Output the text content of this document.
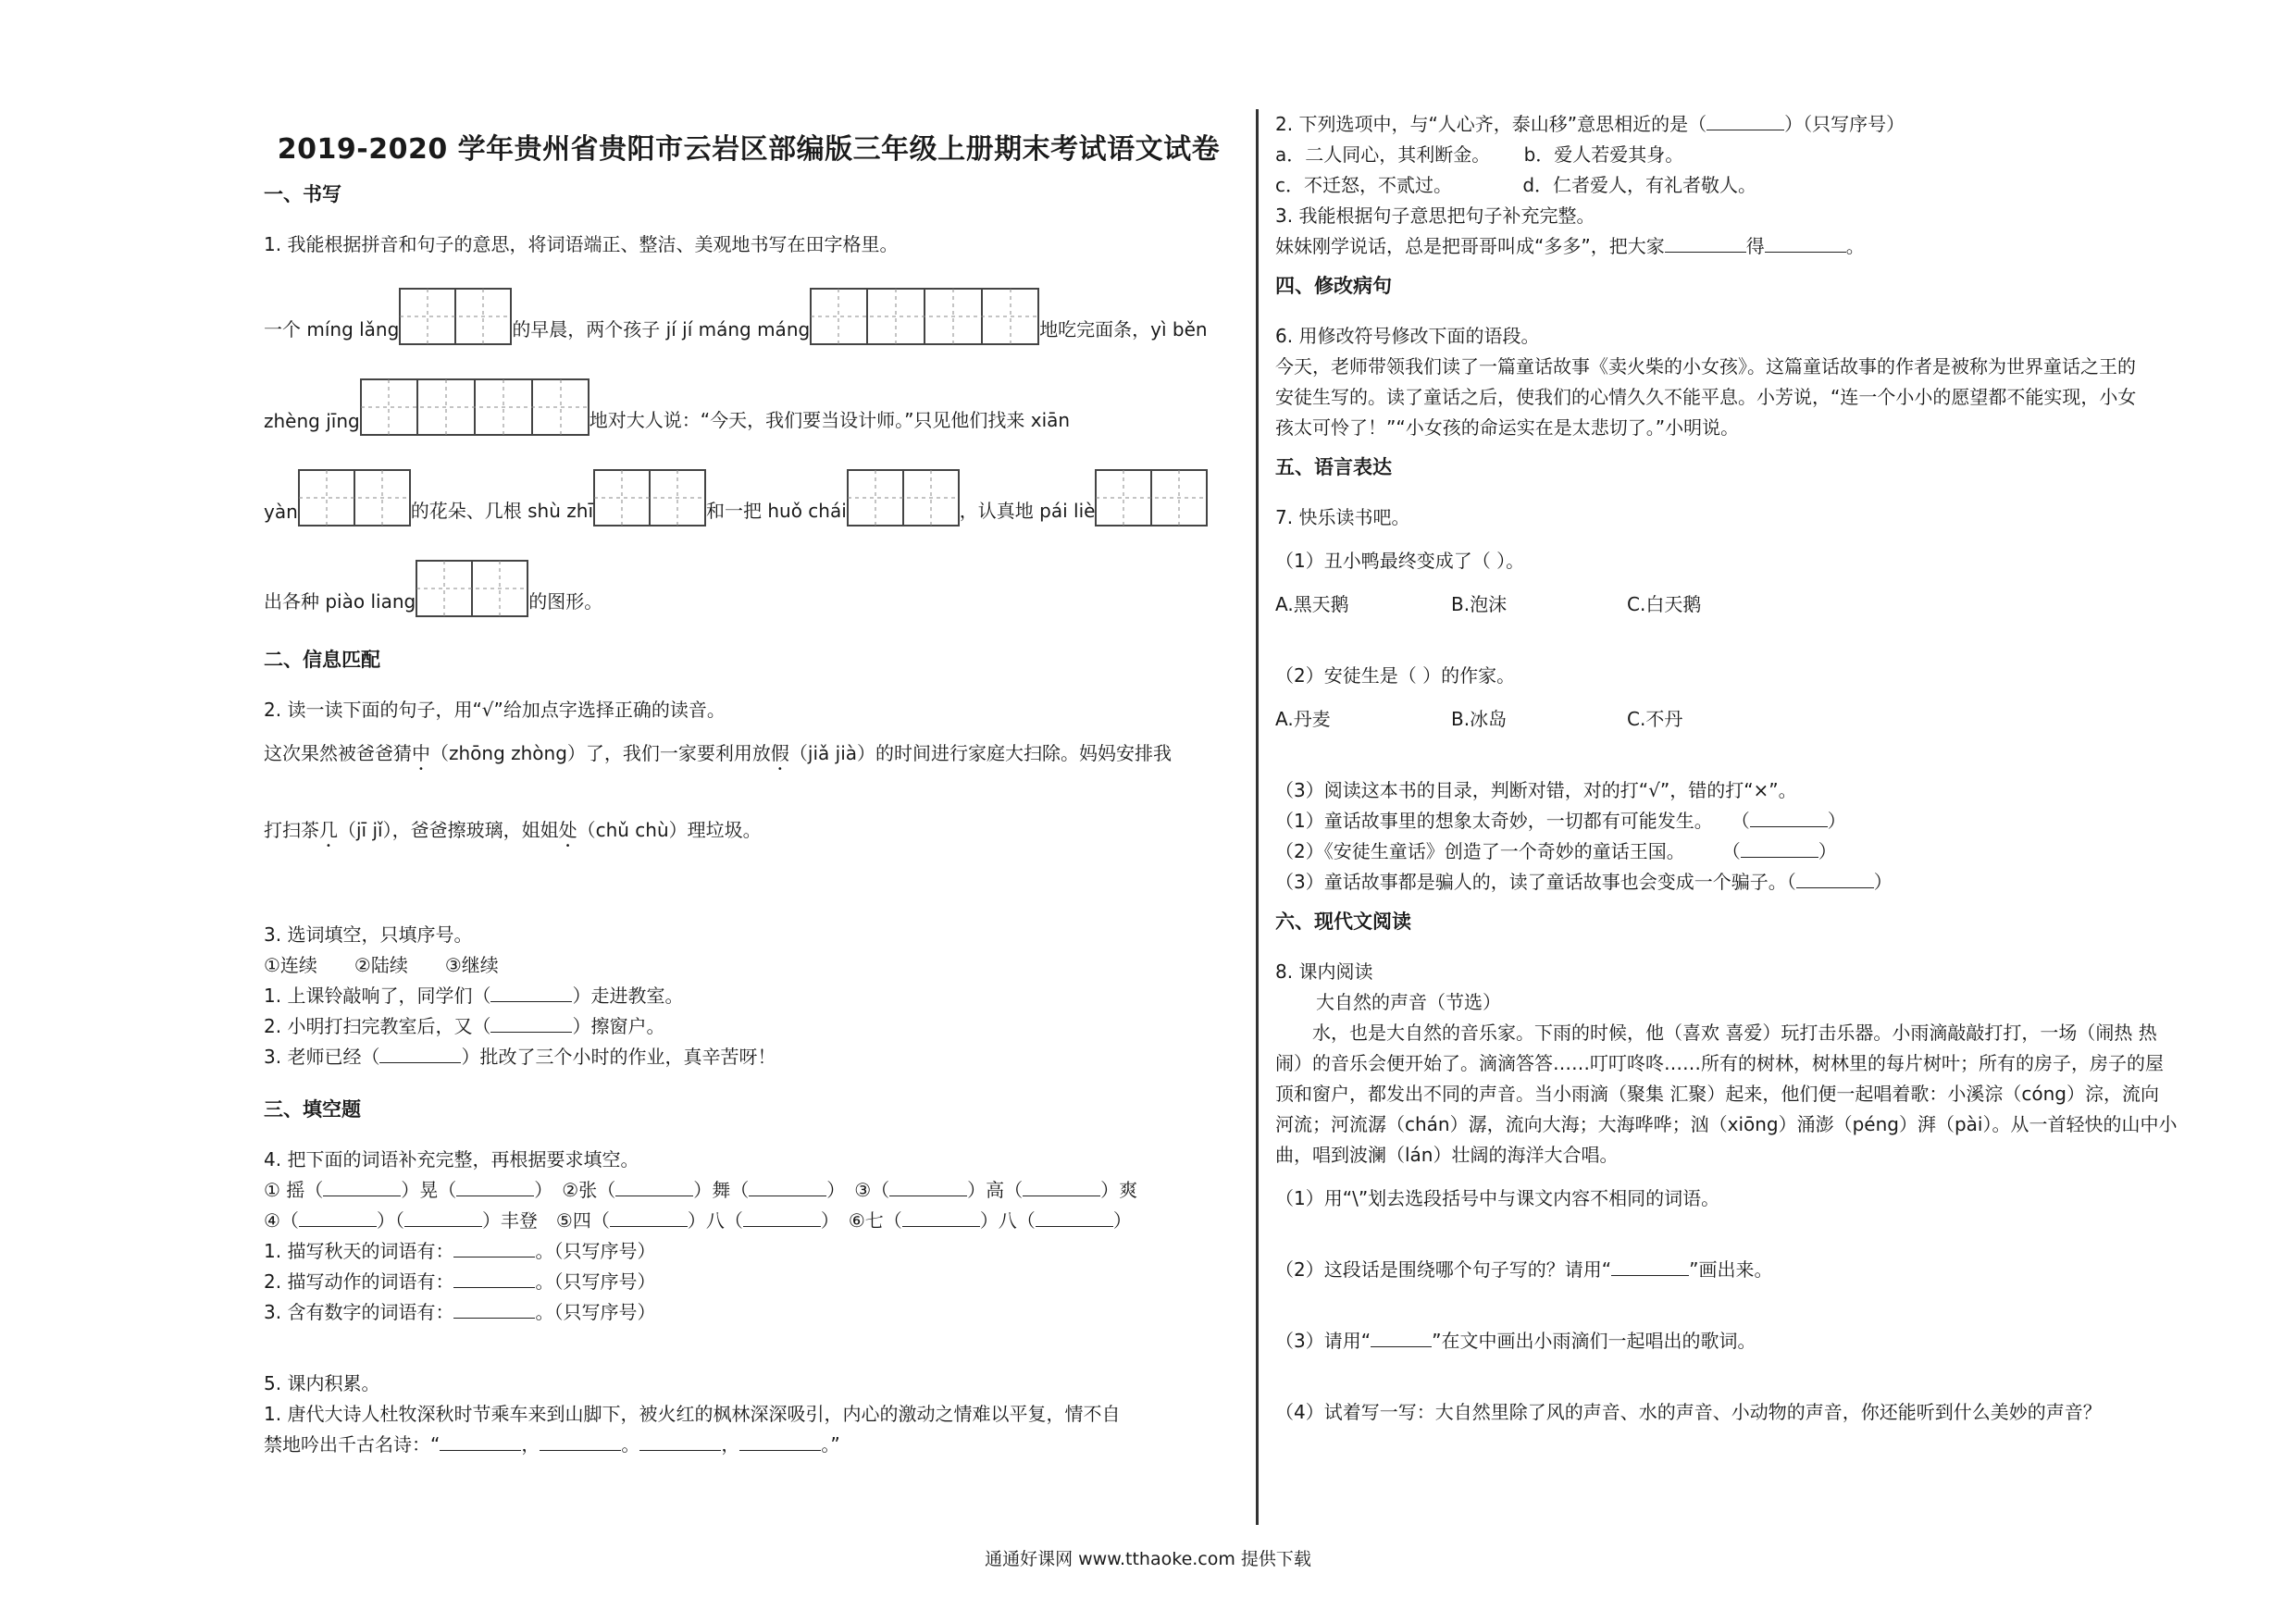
2019-2020 学年贵州省贵阳市云岩区部编版三年级上册期末考试语文试卷
一、书写

1. 我能根据拼音和句子的意思，将词语端正、整洁、美观地书写在田字格里。

一个 míng lǎng	的早晨，两个孩子 jí jí máng máng	地吃完面条，yì běn
zhèng jīng	地对大人说：“今天，我们要当设计师。”只见他们找来 xiān
yàn	的花朵、几根 shù zhī	和一把 huǒ chái	，认真地 pái liè
出各种 piào liang	的图形。
二、信息匹配

2. 读一读下面的句子，用“√”给加点字选择正确的读音。

这次果然被爸爸猜中（zhōng zhòng）了，我们一家要利用放假（jiǎ jià）的时间进行家庭大扫除。妈妈安排我

打扫茶几（jī jǐ），爸爸擦玻璃，姐姐处（chǔ chù）理垃圾。

3. 选词填空，只填序号。

①连续　　②陆续　　③继续

1. 上课铃敲响了，同学们（	）走进教室。

2. 小明打扫完教室后，又（	）擦窗户。

3. 老师已经（	）批改了三个小时的作业，真辛苦呀！

三、填空题

4. 把下面的词语补充完整，再根据要求填空。

① 摇（	）晃（	）　②张（	）舞（	）　③（	）高（	）爽

④（	）（	）丰登　⑤四（	）八（	）　⑥七（	）八（	）

1. 描写秋天的词语有：	。（只写序号）

2. 描写动作的词语有：	。（只写序号）

3. 含有数字的词语有：	。（只写序号）

5. 课内积累。

1. 唐代大诗人杜牧深秋时节乘车来到山脚下，被火红的枫林深深吸引，内心的激动之情难以平复，情不自

禁地吟出千古名诗：“	，	。	，	。”

2. 下列选项中，与“人心齐，泰山移”意思相近的是（	）（只写序号）

a．二人同心，其利断金。　　 b．爱人若爱其身。

c．不迁怒，不贰过。　　　　 d．仁者爱人，有礼者敬人。

3. 我能根据句子意思把句子补充完整。

妹妹刚学说话，总是把哥哥叫成“多多”，把大家	得	。

四、修改病句

6. 用修改符号修改下面的语段。

今天，老师带领我们读了一篇童话故事《卖火柴的小女孩》。这篇童话故事的作者是被称为世界童话之王的

安徒生写的。读了童话之后，使我们的心情久久不能平息。小芳说，“连一个小小的愿望都不能实现，小女

孩太可怜了！”“小女孩的命运实在是太悲切了。”小明说。

五、语言表达

7. 快乐读书吧。

（1）丑小鸭最终变成了（ ）。

A.黑天鹅	B.泡沫	C.白天鹅

（2）安徒生是（ ）的作家。

A.丹麦	B.冰岛	C.不丹

（3）阅读这本书的目录，判断对错，对的打“√”，错的打“×”。

（1）童话故事里的想象太奇妙，一切都有可能发生。　　（	）

（2）《安徒生童话》创造了一个奇妙的童话王国。　　　（	）

（3）童话故事都是骗人的，读了童话故事也会变成一个骗子。（	）

六、现代文阅读

8. 课内阅读

大自然的声音（节选）

水，也是大自然的音乐家。下雨的时候，他（喜欢 喜爱）玩打击乐器。小雨滴敲敲打打，一场（闹热 热

闹）的音乐会便开始了。滴滴答答……叮叮咚咚……所有的树林，树林里的每片树叶；所有的房子，房子的屋

顶和窗户，都发出不同的声音。当小雨滴（聚集 汇聚）起来，他们便一起唱着歌：小溪淙（cóng）淙，流向

河流；河流潺（chán）潺，流向大海；大海哗哗；汹（xiōng）涌澎（péng）湃（pài）。从一首轻快的山中小

曲，唱到波澜（lán）壮阔的海洋大合唱。

（1）用“\”划去选段括号中与课文内容不相同的词语。

（2）这段话是围绕哪个句子写的？请用“	”画出来。

（3）请用“	”在文中画出小雨滴们一起唱出的歌词。

（4）试着写一写：大自然里除了风的声音、水的声音、小动物的声音，你还能听到什么美妙的声音？

通通好课网 www.tthaoke.com 提供下载
